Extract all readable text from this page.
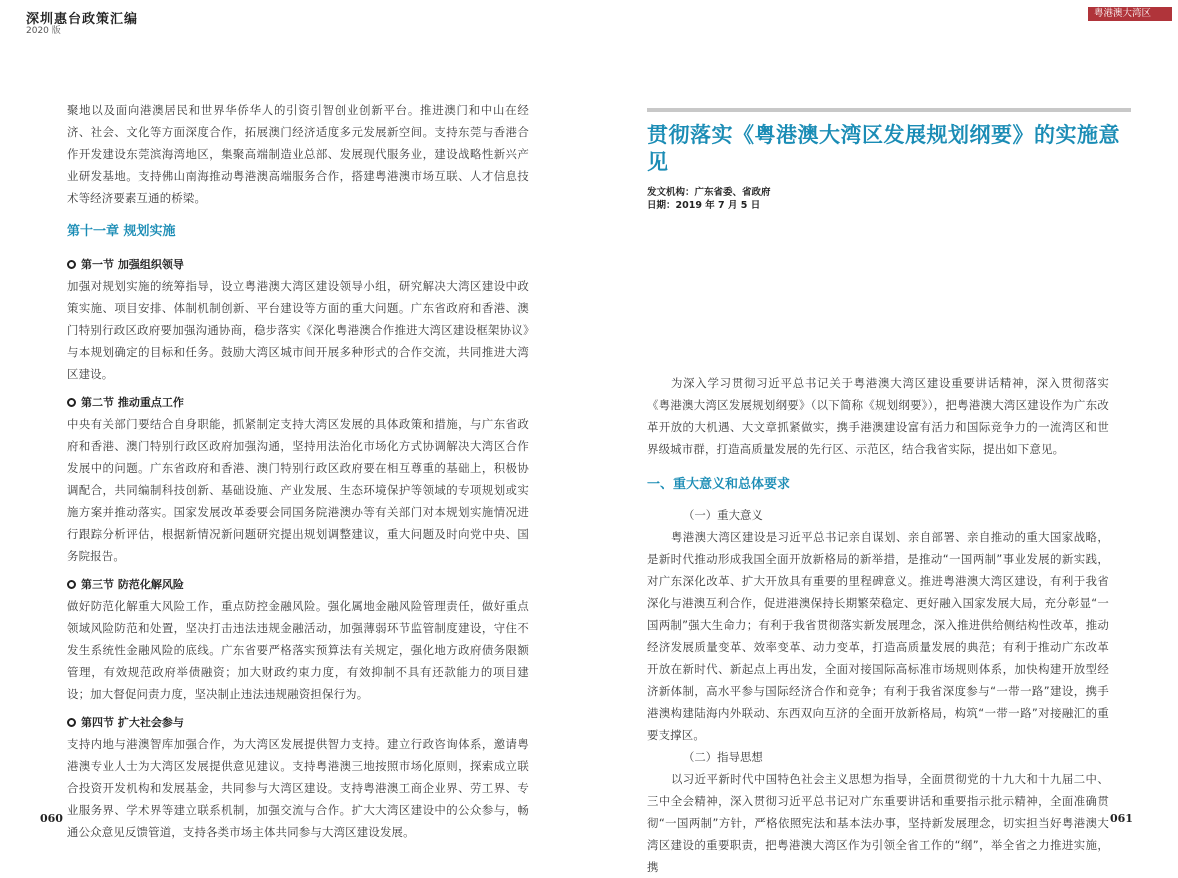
深圳惠台政策汇编
2020 版
粤港澳大湾区

聚地以及面向港澳居民和世界华侨华人的引资引智创业创新平台。推进澳门和中山在经济、社会、文化等方面深度合作，拓展澳门经济适度多元发展新空间。支持东莞与香港合作开发建设东莞滨海湾地区，集聚高端制造业总部、发展现代服务业，建设战略性新兴产业研发基地。支持佛山南海推动粤港澳高端服务合作，搭建粤港澳市场互联、人才信息技术等经济要素互通的桥梁。

第十一章 规划实施
第一节 加强组织领导

加强对规划实施的统筹指导，设立粤港澳大湾区建设领导小组，研究解决大湾区建设中政策实施、项目安排、体制机制创新、平台建设等方面的重大问题。广东省政府和香港、澳门特别行政区政府要加强沟通协商，稳步落实《深化粤港澳合作推进大湾区建设框架协议》与本规划确定的目标和任务。鼓励大湾区城市间开展多种形式的合作交流，共同推进大湾区建设。

第二节 推动重点工作

中央有关部门要结合自身职能，抓紧制定支持大湾区发展的具体政策和措施，与广东省政府和香港、澳门特别行政区政府加强沟通，坚持用法治化市场化方式协调解决大湾区合作发展中的问题。广东省政府和香港、澳门特别行政区政府要在相互尊重的基础上，积极协调配合，共同编制科技创新、基础设施、产业发展、生态环境保护等领域的专项规划或实施方案并推动落实。国家发展改革委要会同国务院港澳办等有关部门对本规划实施情况进行跟踪分析评估，根据新情况新问题研究提出规划调整建议，重大问题及时向党中央、国务院报告。

第三节 防范化解风险

做好防范化解重大风险工作，重点防控金融风险。强化属地金融风险管理责任，做好重点领域风险防范和处置，坚决打击违法违规金融活动，加强薄弱环节监管制度建设，守住不发生系统性金融风险的底线。广东省要严格落实预算法有关规定，强化地方政府债务限额管理，有效规范政府举债融资；加大财政约束力度，有效抑制不具有还款能力的项目建设；加大督促问责力度，坚决制止违法违规融资担保行为。

第四节 扩大社会参与

支持内地与港澳智库加强合作，为大湾区发展提供智力支持。建立行政咨询体系，邀请粤港澳专业人士为大湾区发展提供意见建议。支持粤港澳三地按照市场化原则，探索成立联合投资开发机构和发展基金，共同参与大湾区建设。支持粤港澳工商企业界、劳工界、专业服务界、学术界等建立联系机制，加强交流与合作。扩大大湾区建设中的公众参与，畅通公众意见反馈管道，支持各类市场主体共同参与大湾区建设发展。

060
贯彻落实《粤港澳大湾区发展规划纲要》的实施意见
发文机构：广东省委、省政府
日期：2019 年 7 月 5 日

为深入学习贯彻习近平总书记关于粤港澳大湾区建设重要讲话精神，深入贯彻落实《粤港澳大湾区发展规划纲要》（以下简称《规划纲要》），把粤港澳大湾区建设作为广东改革开放的大机遇、大文章抓紧做实，携手港澳建设富有活力和国际竞争力的一流湾区和世界级城市群，打造高质量发展的先行区、示范区，结合我省实际，提出如下意见。

一、重大意义和总体要求

（一）重大意义

粤港澳大湾区建设是习近平总书记亲自谋划、亲自部署、亲自推动的重大国家战略，是新时代推动形成我国全面开放新格局的新举措，是推动“一国两制”事业发展的新实践，对广东深化改革、扩大开放具有重要的里程碑意义。推进粤港澳大湾区建设，有利于我省深化与港澳互利合作，促进港澳保持长期繁荣稳定、更好融入国家发展大局，充分彰显“一国两制”强大生命力；有利于我省贯彻落实新发展理念，深入推进供给侧结构性改革，推动经济发展质量变革、效率变革、动力变革，打造高质量发展的典范；有利于推动广东改革开放在新时代、新起点上再出发，全面对接国际高标准市场规则体系，加快构建开放型经济新体制，高水平参与国际经济合作和竞争；有利于我省深度参与“一带一路”建设，携手港澳构建陆海内外联动、东西双向互济的全面开放新格局，构筑“一带一路”对接融汇的重要支撑区。

（二）指导思想

以习近平新时代中国特色社会主义思想为指导，全面贯彻党的十九大和十九届二中、三中全会精神，深入贯彻习近平总书记对广东重要讲话和重要指示批示精神，全面准确贯彻“一国两制”方针，严格依照宪法和基本法办事，坚持新发展理念，切实担当好粤港澳大湾区建设的重要职责，把粤港澳大湾区作为引领全省工作的“纲”，举全省之力推进实施，携

061
